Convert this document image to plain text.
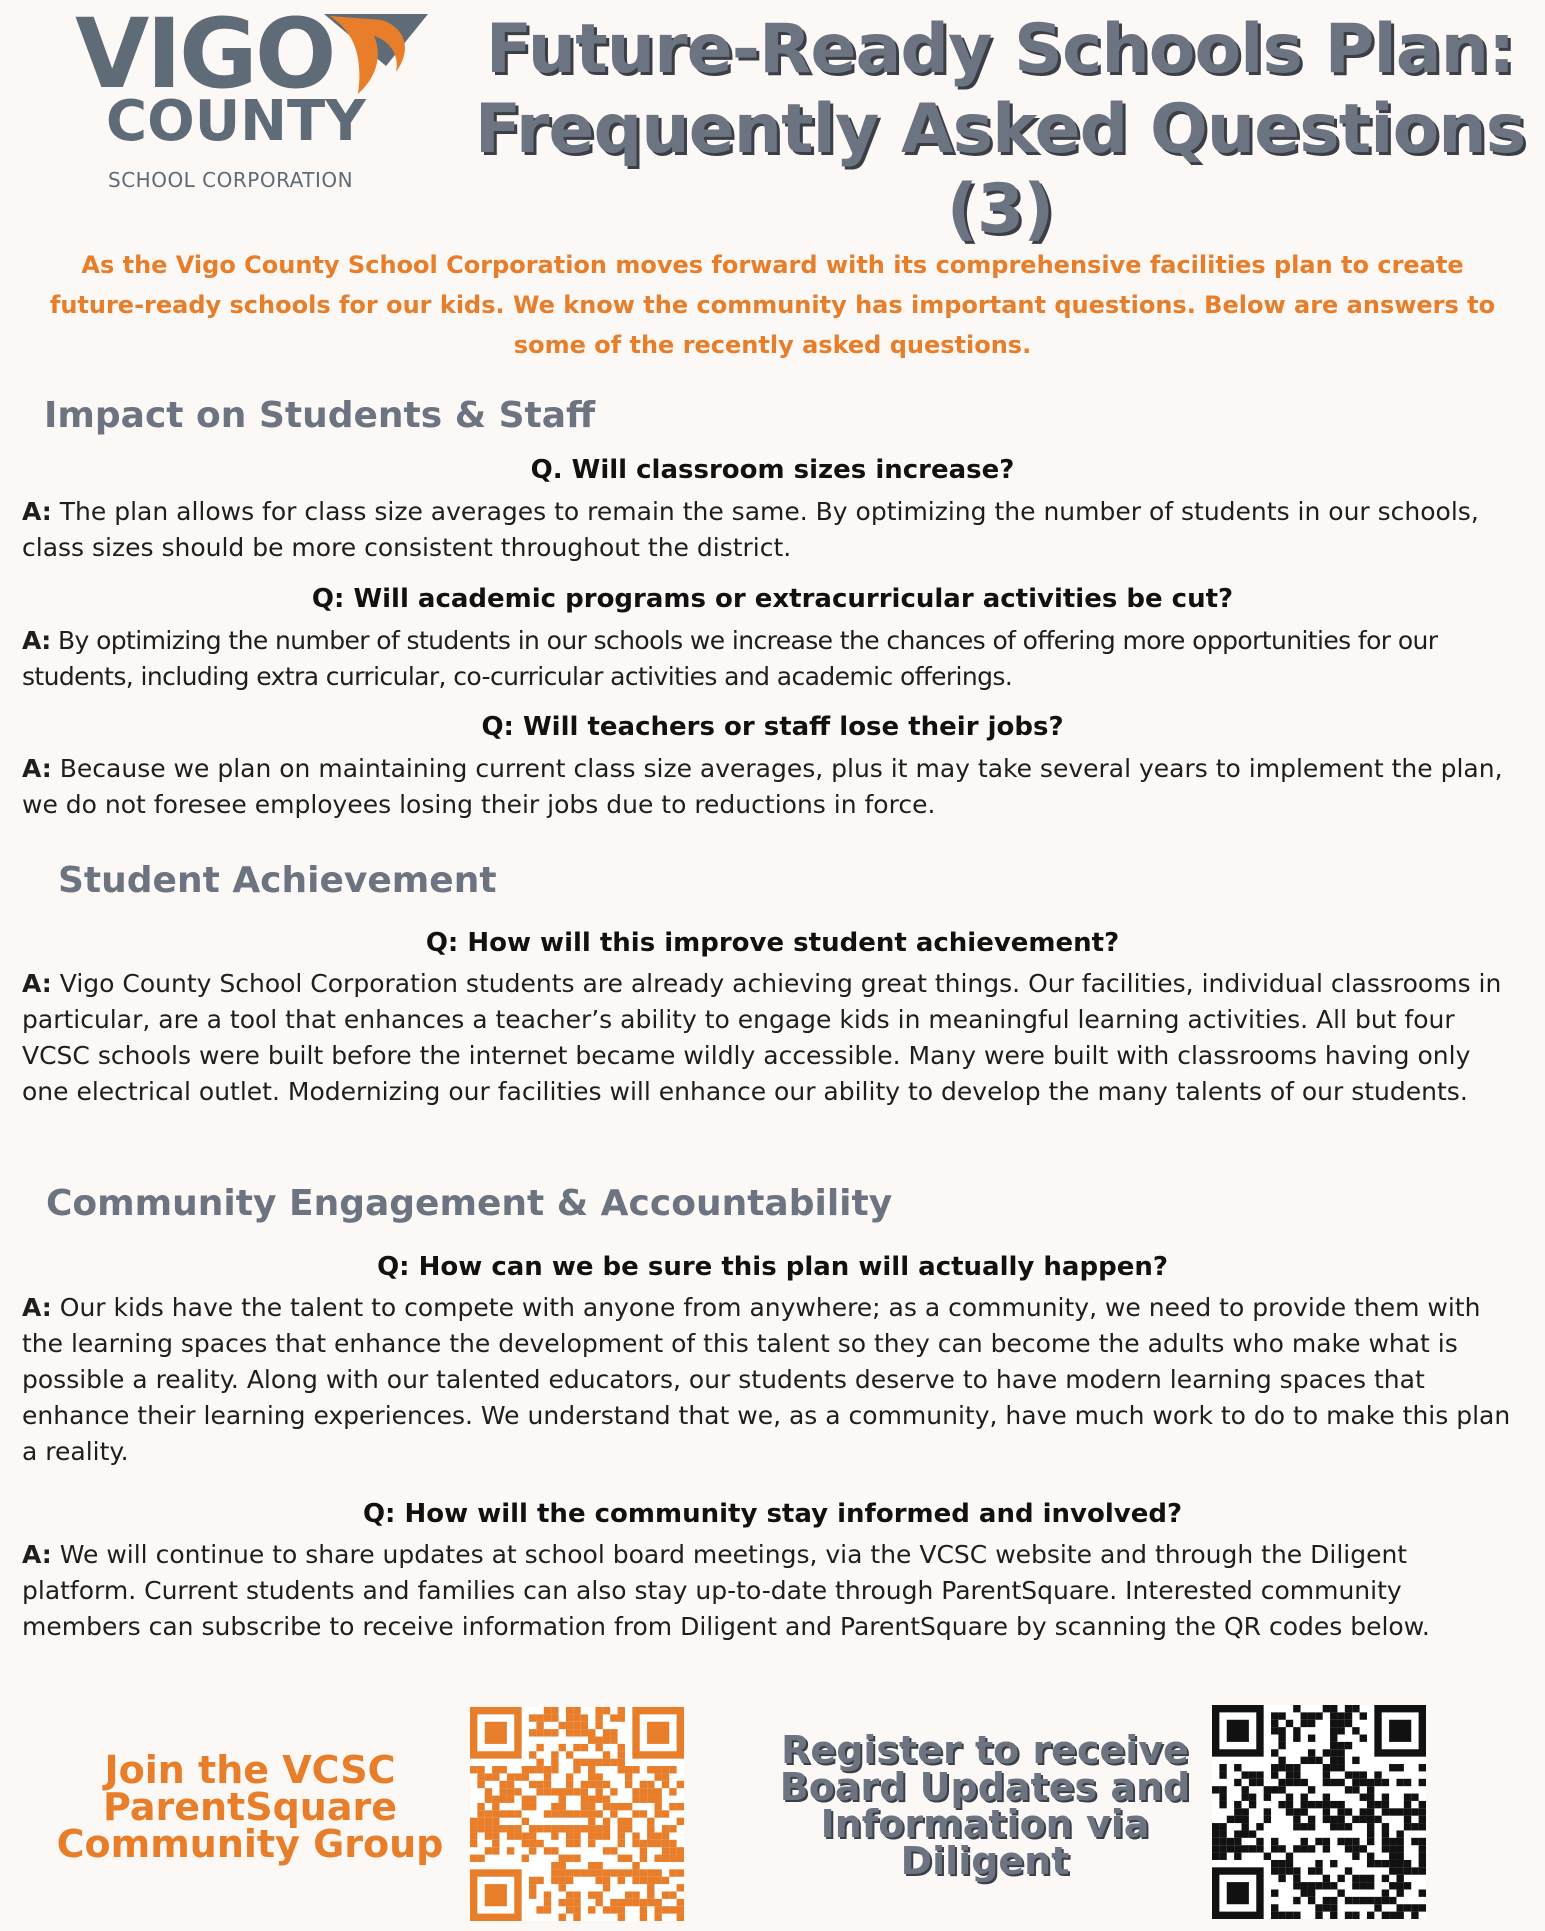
VIGO
COUNTY
SCHOOL CORPORATION
Future-Ready Schools Plan: Frequently Asked Questions (3)
As the Vigo County School Corporation moves forward with its comprehensive facilities plan to create future-ready schools for our kids. We know the community has important questions. Below are answers to some of the recently asked questions.
Impact on Students & Staff
Q. Will classroom sizes increase?
A: The plan allows for class size averages to remain the same. By optimizing the number of students in our schools, class sizes should be more consistent throughout the district.
Q: Will academic programs or extracurricular activities be cut?
A: By optimizing the number of students in our schools we increase the chances of offering more opportunities for our students, including extra curricular, co-curricular activities and academic offerings.
Q: Will teachers or staff lose their jobs?
A: Because we plan on maintaining current class size averages, plus it may take several years to implement the plan, we do not foresee employees losing their jobs due to reductions in force.
Student Achievement
Q: How will this improve student achievement?
A: Vigo County School Corporation students are already achieving great things. Our facilities, individual classrooms in particular, are a tool that enhances a teacher’s ability to engage kids in meaningful learning activities. All but four VCSC schools were built before the internet became wildly accessible. Many were built with classrooms having only one electrical outlet. Modernizing our facilities will enhance our ability to develop the many talents of our students.
Community Engagement & Accountability
Q: How can we be sure this plan will actually happen?
A: Our kids have the talent to compete with anyone from anywhere; as a community, we need to provide them with the learning spaces that enhance the development of this talent so they can become the adults who make what is possible a reality. Along with our talented educators, our students deserve to have modern learning spaces that enhance their learning experiences. We understand that we, as a community, have much work to do to make this plan a reality.
Q: How will the community stay informed and involved?
A: We will continue to share updates at school board meetings, via the VCSC website and through the Diligent platform. Current students and families can also stay up-to-date through ParentSquare. Interested community members can subscribe to receive information from Diligent and ParentSquare by scanning the QR codes below.
Join the VCSC ParentSquare Community Group
Register to receive Board Updates and Information via Diligent
